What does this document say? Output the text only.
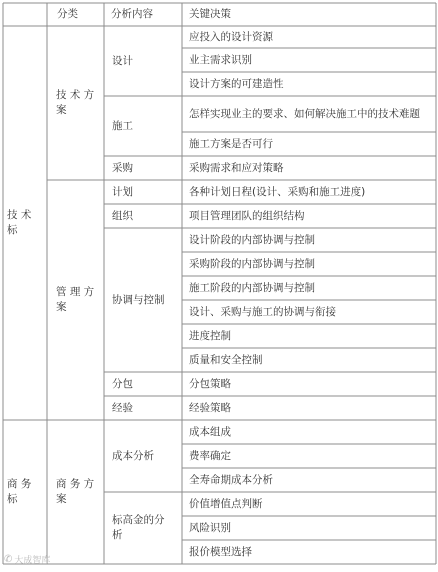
分类	分析内容	关键决策
技 术
标
商 务
标
技 术 方
案
管 理 方
案
商 务 方
案
设计
施工
采购
计划
组织
协调与控制
分包
经验
成本分析
标高金的分
析
应投入的设计资源
业主需求识别
设计方案的可建造性
怎样实现业主的要求、如何解决施工中的技术难题
施工方案是否可行
采购需求和应对策略
各种计划日程(设计、采购和施工进度)
项目管理团队的组织结构
设计阶段的内部协调与控制
采购阶段的内部协调与控制
施工阶段的内部协调与控制
设计、采购与施工的协调与衔接
进度控制
质量和安全控制
分包策略
经验策略
成本组成
费率确定
全寿命期成本分析
价值增值点判断
风险识别
报价模型选择
✆ 大成智库
